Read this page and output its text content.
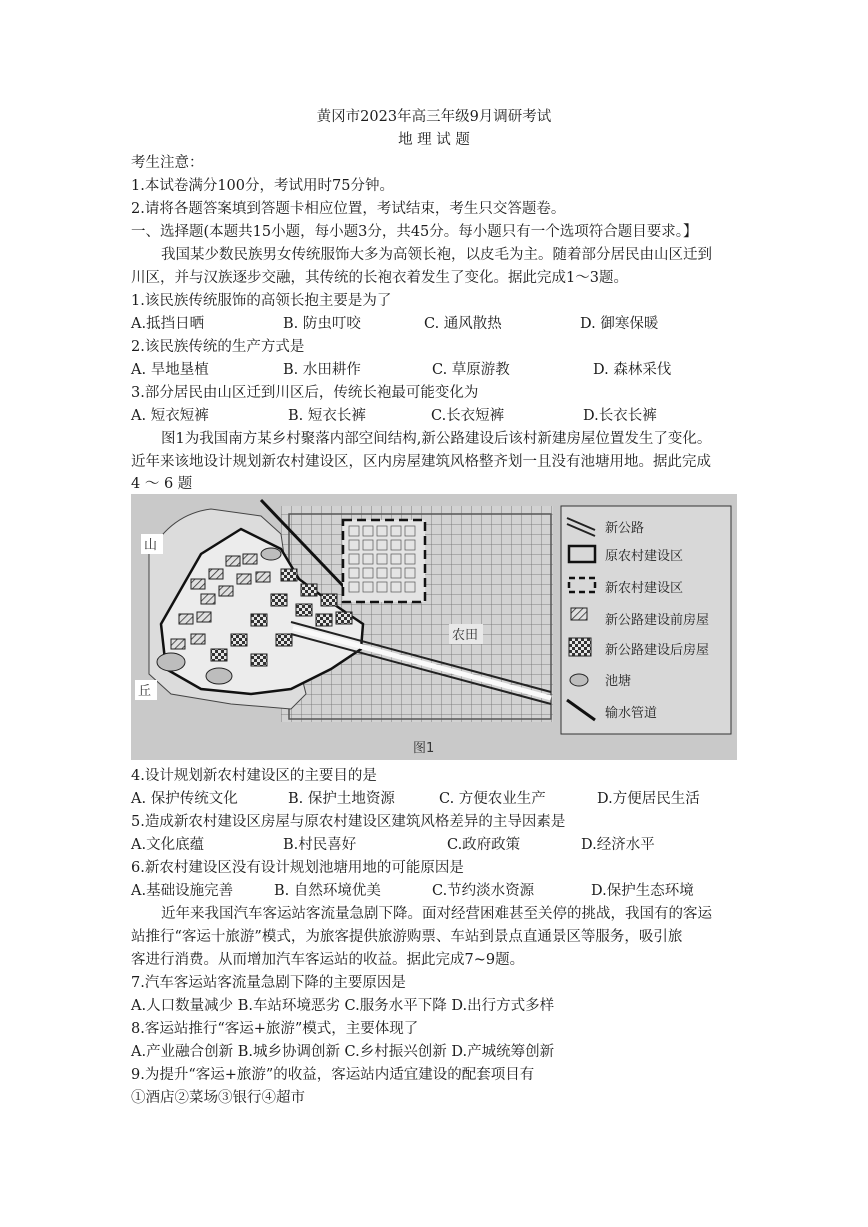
黄冈市2023年高三年级9月调研考试
地 理 试 题
考生注意：
1.本试卷满分100分，考试用时75分钟。
2.请将各题答案填到答题卡相应位置，考试结束，考生只交答题卷。
一、选择题(本题共15小题，每小题3分，共45分。每小题只有一个选项符合题目要求。】
我国某少数民族男女传统服饰大多为高领长袍，以皮毛为主。随着部分居民由山区迁到
川区，并与汉族逐步交融，其传统的长袍衣着发生了变化。据此完成1～3题。
1.该民族传统服饰的高领长抱主要是为了
A.抵挡日晒	B. 防虫叮咬	C. 通风散热	D. 御寒保暖
2.该民族传统的生产方式是
A. 旱地垦植	B. 水田耕作	C. 草原游教	D. 森林采伐
3.部分居民由山区迁到川区后，传统长袍最可能变化为
A. 短衣短裤	B. 短衣长裤	C.长衣短裤	D.长衣长裤
图1为我国南方某乡村聚落内部空间结构,新公路建设后该村新建房屋位置发生了变化。
近年来该地设计规划新农村建设区，区内房屋建筑风格整齐划一且没有池塘用地。据此完成
4 ～ 6 题
山
丘
农田
新公路
原农村建设区
新农村建设区
新公路建设前房屋
新公路建设后房屋
池塘
输水管道
图1
4.设计规划新农村建设区的主要目的是
A. 保护传统文化	B. 保护土地资源	C. 方便农业生产	D.方便居民生活
5.造成新农村建设区房屋与原农村建设区建筑风格差异的主导因素是
A.文化底蕴	B.村民喜好	C.政府政策	D.经济水平
6.新农村建设区没有设计规划池塘用地的可能原因是
A.基础设施完善	B. 自然环境优美	C.节约淡水资源	D.保护生态环境
近年来我国汽车客运站客流量急剧下降。面对经营困难甚至关停的挑战，我国有的客运
站推行“客运十旅游”模式，为旅客提供旅游购票、车站到景点直通景区等服务，吸引旅
客进行消费。从而增加汽车客运站的收益。据此完成7~9题。
7.汽车客运站客流量急剧下降的主要原因是
A.人口数量减少 B.车站环境恶劣 C.服务水平下降 D.出行方式多样
8.客运站推行“客运+旅游”模式，主要体现了
A.产业融合创新 B.城乡协调创新 C.乡村振兴创新 D.产城统筹创新
9.为提升“客运+旅游”的收益，客运站内适宜建设的配套项目有
①酒店②菜场③银行④超市
